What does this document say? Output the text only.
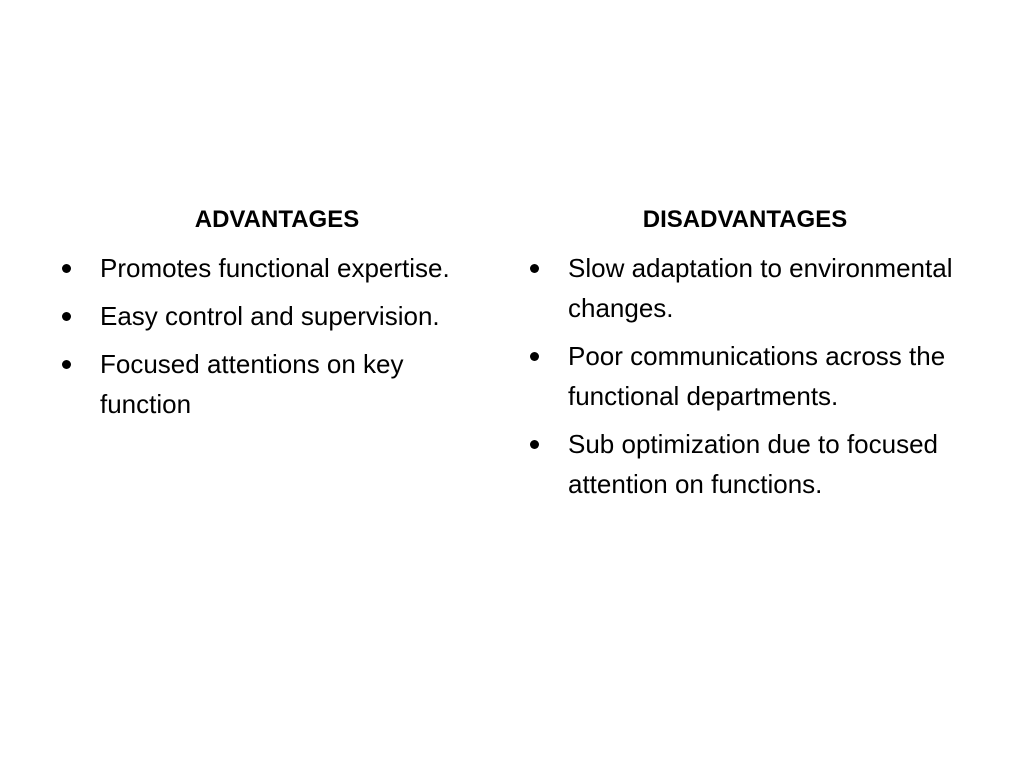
ADVANTAGES
Promotes functional expertise.
Easy control and supervision.
Focused attentions on key function
DISADVANTAGES
Slow adaptation to environmental changes.
Poor communications across the functional departments.
Sub optimization due to focused attention on functions.
